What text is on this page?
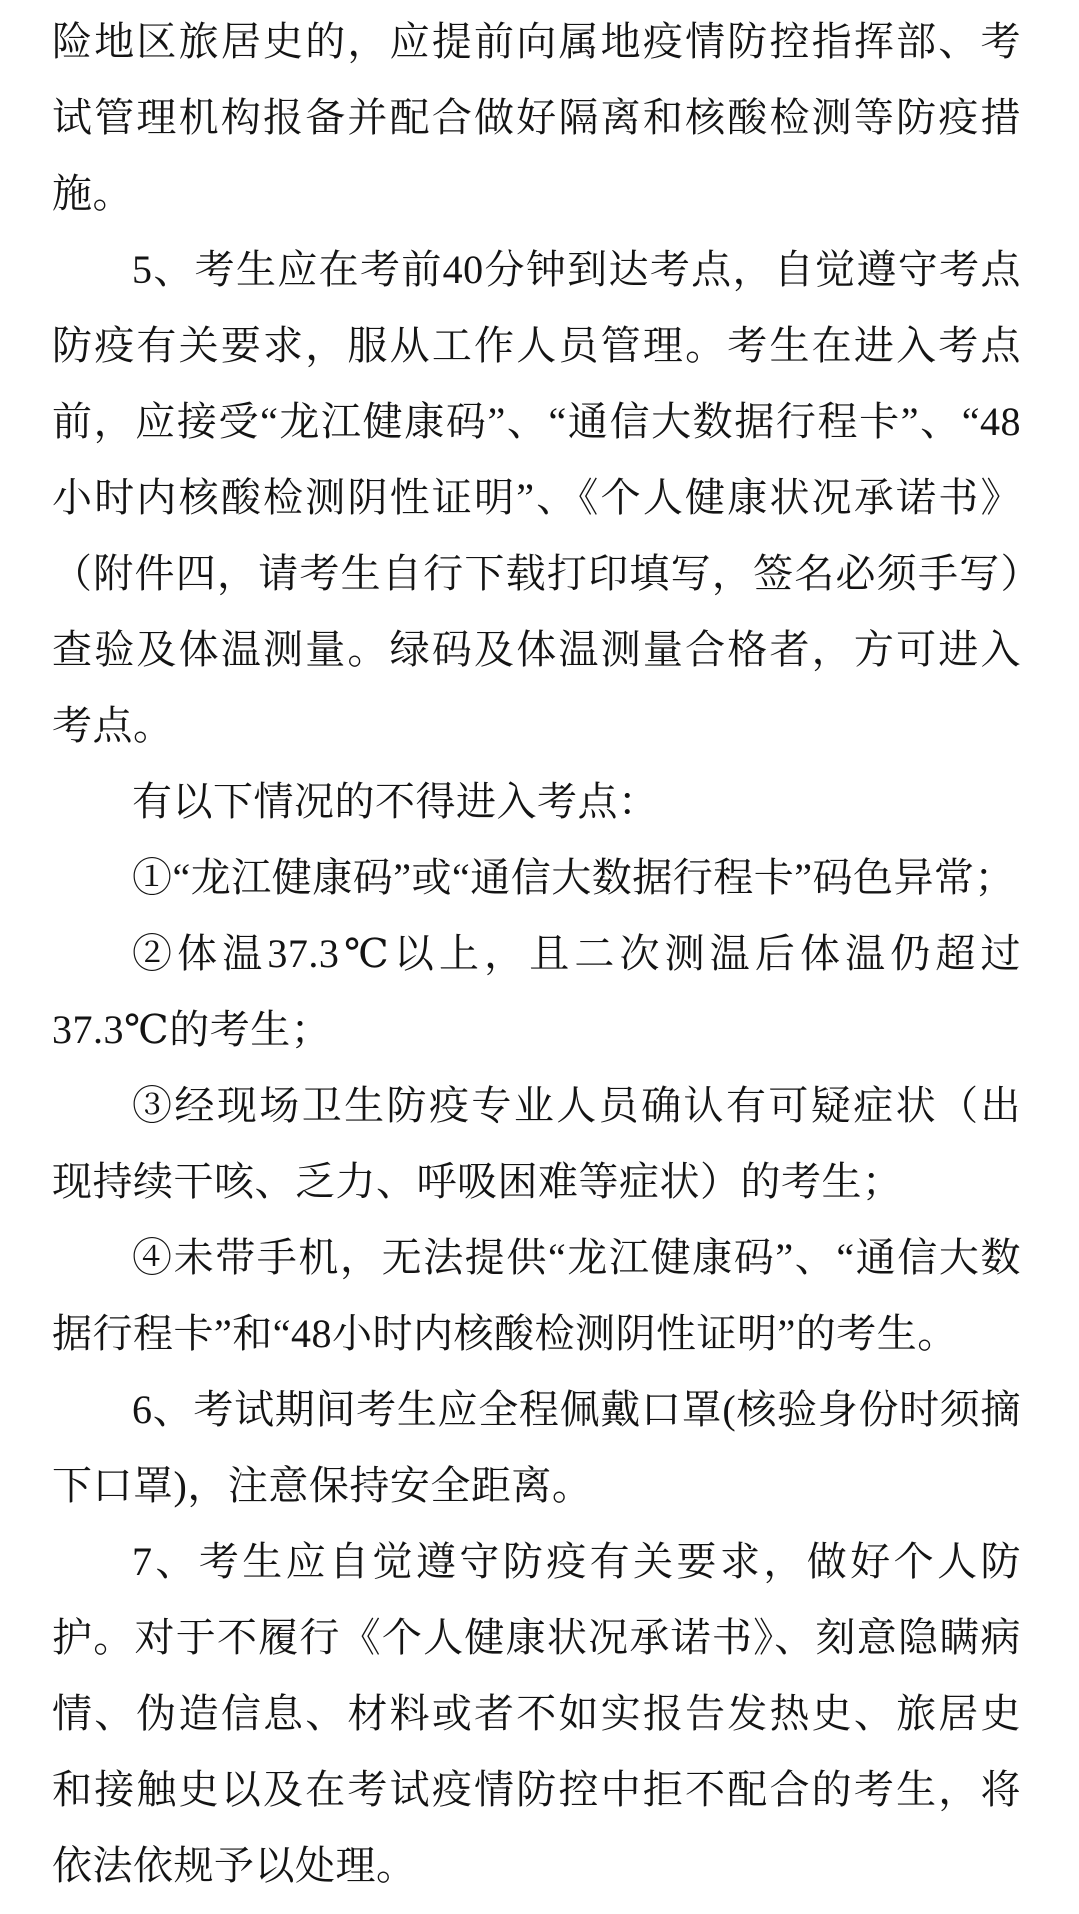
险地区旅居史的，应提前向属地疫情防控指挥部、考试管理机构报备并配合做好隔离和核酸检测等防疫措施。

5、考生应在考前40分钟到达考点，自觉遵守考点防疫有关要求，服从工作人员管理。考生在进入考点前，应接受“龙江健康码”、“通信大数据行程卡”、“48小时内核酸检测阴性证明”、《个人健康状况承诺书》（附件四，请考生自行下载打印填写，签名必须手写）查验及体温测量。绿码及体温测量合格者，方可进入考点。

有以下情况的不得进入考点：

①“龙江健康码”或“通信大数据行程卡”码色异常；

②体温37.3℃以上，且二次测温后体温仍超过37.3℃的考生；

③经现场卫生防疫专业人员确认有可疑症状（出现持续干咳、乏力、呼吸困难等症状）的考生；

④未带手机，无法提供“龙江健康码”、“通信大数据行程卡”和“48小时内核酸检测阴性证明”的考生。

6、考试期间考生应全程佩戴口罩(核验身份时须摘下口罩)，注意保持安全距离。

7、考生应自觉遵守防疫有关要求，做好个人防护。对于不履行《个人健康状况承诺书》、刻意隐瞒病情、伪造信息、材料或者不如实报告发热史、旅居史和接触史以及在考试疫情防控中拒不配合的考生，将依法依规予以处理。
